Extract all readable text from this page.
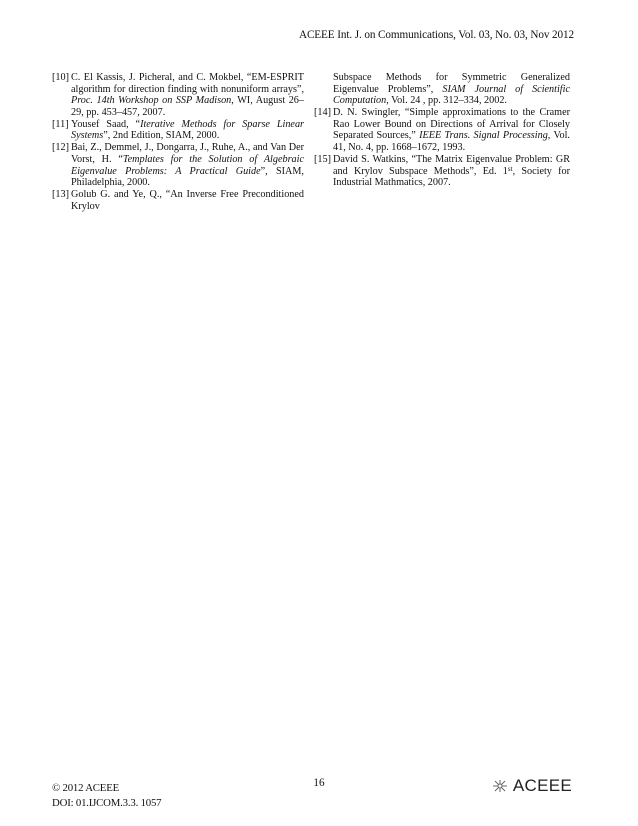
ACEEE Int. J. on Communications, Vol. 03, No. 03, Nov 2012
[10] C. El Kassis, J. Picheral, and C. Mokbel, “EM-ESPRIT algorithm for direction finding with nonuniform arrays”, Proc. 14th Workshop on SSP Madison, WI, August 26–29, pp. 453–457, 2007.
[11] Yousef Saad, “Iterative Methods for Sparse Linear Systems”, 2nd Edition, SIAM, 2000.
[12] Bai, Z., Demmel, J., Dongarra, J., Ruhe, A., and Van Der Vorst, H. “Templates for the Solution of Algebraic Eigenvalue Problems: A Practical Guide”, SIAM, Philadelphia, 2000.
[13] Golub G. and Ye, Q., “An Inverse Free Preconditioned Krylov
Subspace Methods for Symmetric Generalized Eigenvalue Problems”, SIAM Journal of Scientific Computation, Vol. 24 , pp. 312–334, 2002.
[14] D. N. Swingler, “Simple approximations to the Cramer Rao Lower Bound on Directions of Arrival for Closely Separated Sources,” IEEE Trans. Signal Processing, Vol. 41, No. 4, pp. 1668–1672, 1993.
[15] David S. Watkins, “The Matrix Eigenvalue Problem: GR and Krylov Subspace Methods”, Ed. 1st, Society for Industrial Mathmatics, 2007.
© 2012 ACEEE
DOI: 01.IJCOM.3.3. 1057
16	ACEEE
